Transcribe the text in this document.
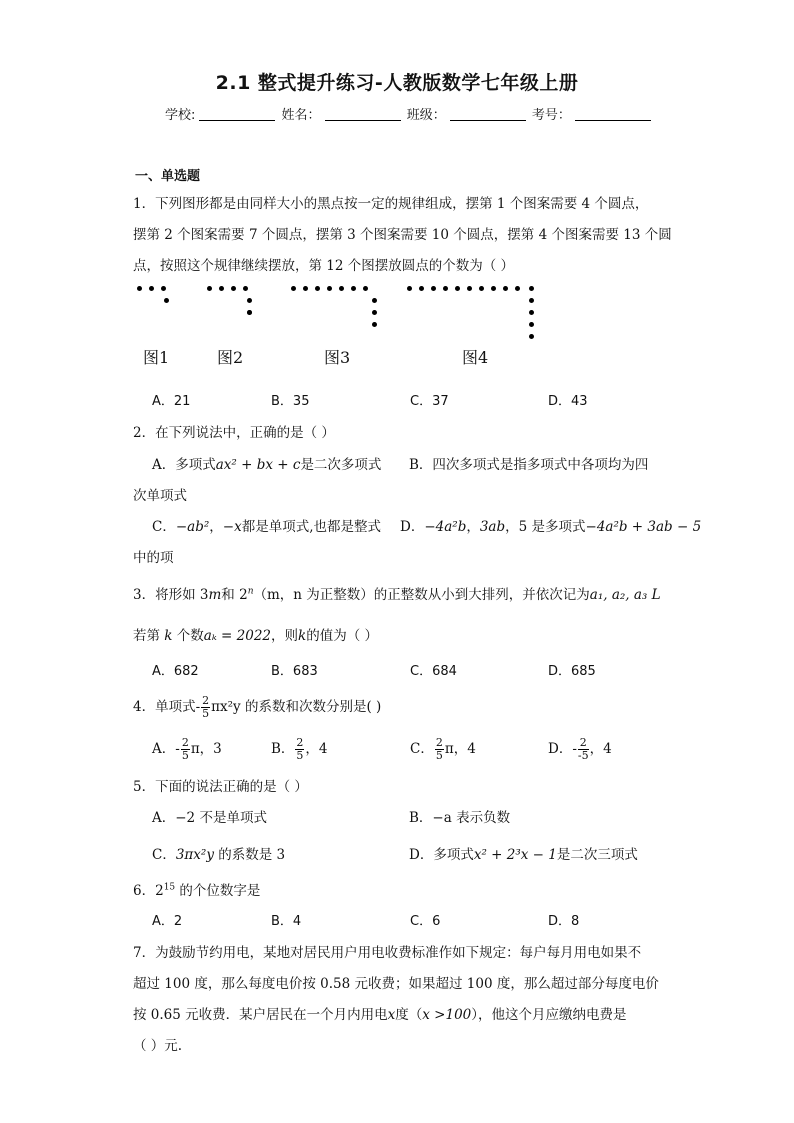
2.1 整式提升练习-人教版数学七年级上册
学校:	姓名：	班级：	考号：
一、单选题
1．下列图形都是由同样大小的黑点按一定的规律组成，摆第 1 个图案需要 4 个圆点，
摆第 2 个图案需要 7 个圆点，摆第 3 个图案需要 10 个圆点，摆第 4 个图案需要 13 个圆
点，按照这个规律继续摆放，第 12 个图摆放圆点的个数为（ ）
图1	图2	图3	图4
A．21	B．35	C．37	D．43
2．在下列说法中，正确的是（ ）
A．多项式ax² + bx + c是二次多项式 B．四次多项式是指多项式中各项均为四
次单项式
C．−ab²，−x都是单项式,也都是整式 D．−4a²b，3ab，5 是多项式−4a²b + 3ab − 5
中的项
3．将形如 3m和 2$^n$（m，n 为正整数）的正整数从小到大排列，并依次记为a₁, a₂, a₃ L
若第 k 个数aₖ = 2022，则k的值为（ ）
A．682	B．683	C．684	D．685
4．单项式- $\frac{2}{5} \pi x^2y$ 的系数和次数分别是( )
A．- $\frac{2}{5}$ π，3	B． $\frac{2}{5}$ ，4	C． $\frac{2}{5}$ π，4	D．- $\frac{2}{-5}$ ，4
5．下面的说法正确的是（ ）
A．−2 不是单项式	B．−a 表示负数
C．3πx²y 的系数是 3	D．多项式x² + 2³x − 1是二次三项式
6．$2^{15}$ 的个位数字是
A．2	B．4	C．6	D．8
7．为鼓励节约用电，某地对居民用户用电收费标准作如下规定：每户每月用电如果不
超过 100 度，那么每度电价按 0.58 元收费；如果超过 100 度，那么超过部分每度电价
按 0.65 元收费．某户居民在一个月内用电x度（x >100），他这个月应缴纳电费是
（ ）元.
